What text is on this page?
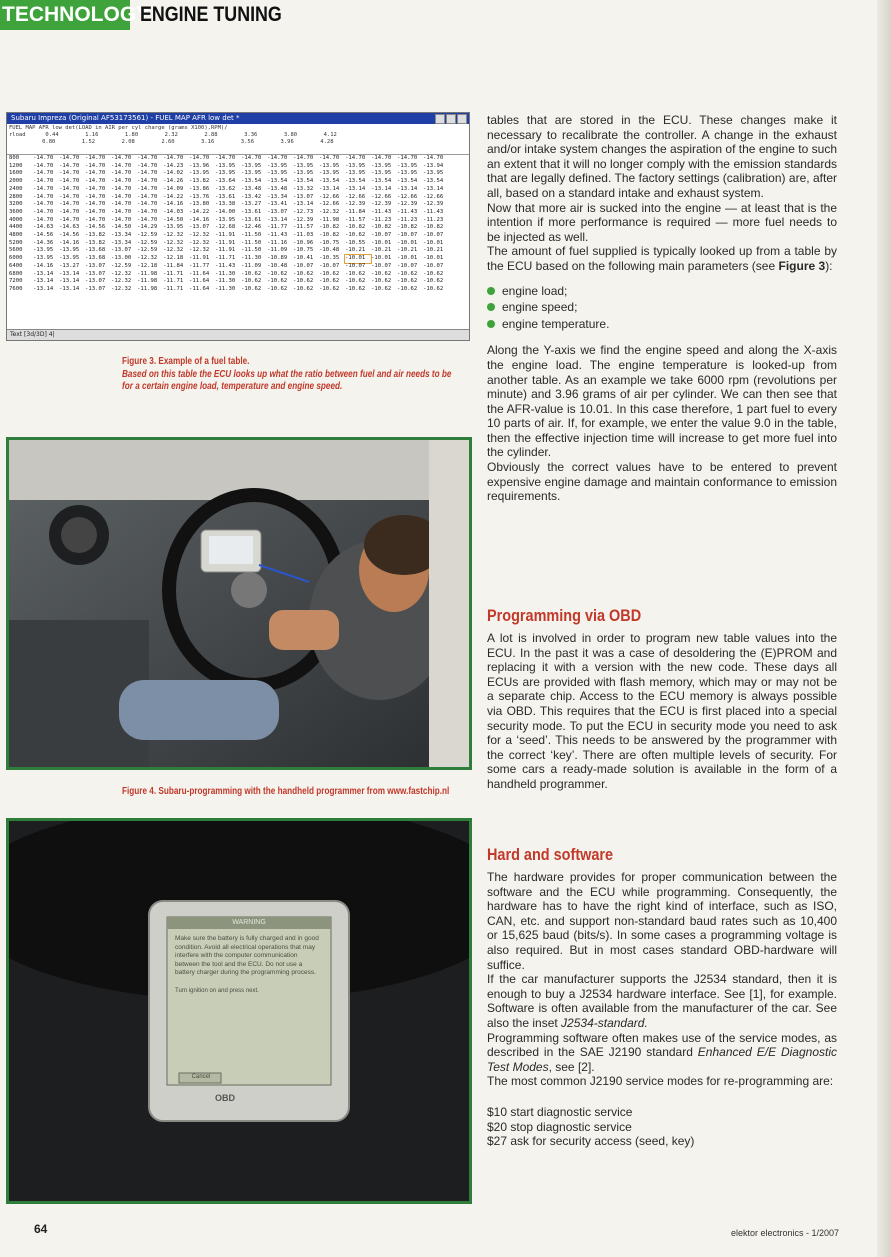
TECHNOLOGY
ENGINE TUNING
Subaru Impreza (Original AF53173561) - FUEL MAP AFR low det *
FUEL MAP AFR low det(LOAD in AIR per cyl charge (grams X100),RPM)/
rload      0.44        1.16        1.80        2.32        2.88        3.36        3.80        4.12
0.80        1.52        2.08        2.60        3.16        3.56        3.96        4.28
800	-14.70	-14.70	-14.70	-14.70	-14.70	-14.70	-14.70	-14.70	-14.70	-14.70	-14.70	-14.70	-14.70	-14.70	-14.70	-14.70
1200	-14.70	-14.70	-14.70	-14.70	-14.70	-14.23	-13.96	-13.95	-13.95	-13.95	-13.95	-13.95	-13.95	-13.95	-13.95	-13.94
1600	-14.70	-14.70	-14.70	-14.70	-14.70	-14.02	-13.95	-13.95	-13.95	-13.95	-13.95	-13.95	-13.95	-13.95	-13.95	-13.95
2000	-14.70	-14.70	-14.70	-14.70	-14.70	-14.26	-13.82	-13.64	-13.54	-13.54	-13.54	-13.54	-13.54	-13.54	-13.54	-13.54
2400	-14.70	-14.70	-14.70	-14.70	-14.70	-14.09	-13.86	-13.62	-13.48	-13.48	-13.32	-13.14	-13.14	-13.14	-13.14	-13.14
2800	-14.70	-14.70	-14.70	-14.70	-14.70	-14.22	-13.76	-13.61	-13.42	-13.34	-13.07	-12.66	-12.66	-12.66	-12.66	-12.66
3200	-14.70	-14.70	-14.70	-14.70	-14.70	-14.16	-13.80	-13.38	-13.27	-13.41	-13.14	-12.66	-12.39	-12.39	-12.39	-12.39
3600	-14.70	-14.70	-14.70	-14.70	-14.70	-14.03	-14.22	-14.00	-13.61	-13.07	-12.73	-12.32	-11.84	-11.43	-11.43	-11.43
4000	-14.70	-14.70	-14.70	-14.70	-14.70	-14.50	-14.16	-13.95	-13.61	-13.14	-12.39	-11.98	-11.57	-11.23	-11.23	-11.23
4400	-14.63	-14.63	-14.56	-14.50	-14.29	-13.95	-13.07	-12.68	-12.46	-11.77	-11.57	-10.82	-10.82	-10.82	-10.82	-10.82
4800	-14.56	-14.56	-13.82	-13.34	-12.59	-12.32	-12.32	-11.91	-11.50	-11.43	-11.03	-10.82	-10.62	-10.07	-10.07	-10.07
5200	-14.36	-14.16	-13.82	-13.34	-12.59	-12.32	-12.32	-11.91	-11.50	-11.16	-10.96	-10.75	-10.55	-10.01	-10.01	-10.01
5600	-13.95	-13.95	-13.68	-13.07	-12.59	-12.32	-12.32	-11.91	-11.50	-11.09	-10.75	-10.48	-10.21	-10.21	-10.21	-10.21
6000	-13.95	-13.95	-13.68	-13.00	-12.32	-12.18	-11.91	-11.71	-11.30	-10.89	-10.41	-10.35	-10.01	-10.01	-10.01	-10.01
6400	-14.16	-13.27	-13.07	-12.59	-12.18	-11.84	-11.77	-11.43	-11.09	-10.48	-10.07	-10.07	-10.07	-10.07	-10.07	-10.07
6800	-13.14	-13.14	-13.07	-12.32	-11.98	-11.71	-11.64	-11.30	-10.62	-10.62	-10.62	-10.62	-10.62	-10.62	-10.62	-10.62
7200	-13.14	-13.14	-13.07	-12.32	-11.98	-11.71	-11.64	-11.30	-10.62	-10.62	-10.62	-10.62	-10.62	-10.62	-10.62	-10.62
7600	-13.14	-13.14	-13.07	-12.32	-11.98	-11.71	-11.64	-11.30	-10.62	-10.62	-10.62	-10.62	-10.62	-10.62	-10.62	-10.62
Text [3d/3D] 4|
Figure 3. Example of a fuel table.
Based on this table the ECU looks up what the ratio between fuel and air needs to be for a certain engine load, temperature and engine speed.
Figure 4. Subaru-programming with the handheld programmer from www.fastchip.nl
WARNING
Make sure the battery is fully charged and in good condition. Avoid all electrical operations that may interfere with the computer communication between the tool and the ECU. Do not use a battery charger during the programming process.
Turn ignition on and press next.
Cancel
OBD

tables that are stored in the ECU. These changes make it necessary to recalibrate the controller. A change in the exhaust and/or intake system changes the aspiration of the engine to such an extent that it will no longer comply with the emission standards that are legally defined. The factory settings (calibration) are, after all, based on a standard intake and exhaust system.

Now that more air is sucked into the engine — at least that is the intention if more performance is required — more fuel needs to be injected as well.

The amount of fuel supplied is typically looked up from a table by the ECU based on the following main parameters (see Figure 3):

engine load;
engine speed;
engine temperature.

Along the Y-axis we find the engine speed and along the X-axis the engine load. The engine temperature is looked-up from another table. As an example we take 6000 rpm (revolutions per minute) and 3.96 grams of air per cylinder. We can then see that the AFR-value is 10.01. In this case therefore, 1 part fuel to every 10 parts of air. If, for example, we enter the value 9.0 in the table, then the effective injection time will increase to get more fuel into the cylinder.

Obviously the correct values have to be entered to prevent expensive engine damage and maintain conformance to emission requirements.

Programming via OBD

A lot is involved in order to program new table values into the ECU. In the past it was a case of desoldering the (E)PROM and replacing it with a version with the new code. These days all ECUs are provided with flash memory, which may or may not be a separate chip. Access to the ECU memory is always possible via OBD. This requires that the ECU is first placed into a special security mode. To put the ECU in security mode you need to ask for a ‘seed’. This needs to be answered by the programmer with the correct ‘key’. There are often multiple levels of security. For some cars a ready-made solution is available in the form of a handheld programmer.

Hard and software

The hardware provides for proper communication between the software and the ECU while programming. Consequently, the hardware has to have the right kind of interface, such as ISO, CAN, etc. and support non-standard baud rates such as 10,400 or 15,625 baud (bits/s). In some cases a programming voltage is also required. But in most cases standard OBD-hardware will suffice.

If the car manufacturer supports the J2534 standard, then it is enough to buy a J2534 hardware interface. See [1], for example. Software is often available from the manufacturer of the car. See also the inset J2534-standard.

Programming software often makes use of the service modes, as described in the SAE J2190 standard Enhanced E/E Diagnostic Test Modes, see [2].

The most common J2190 service modes for re-programming are:

$10 start diagnostic service
$20 stop diagnostic service
$27 ask for security access (seed, key)
64	elektor electronics - 1/2007
